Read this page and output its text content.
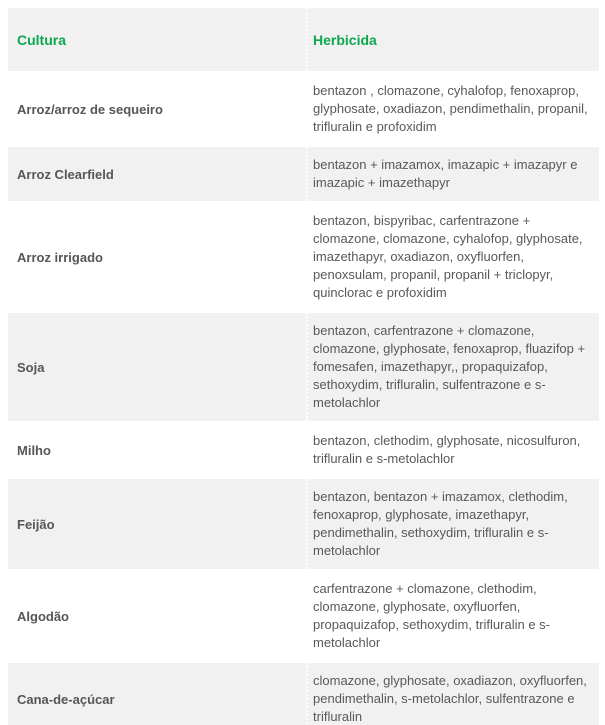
Cultura	Herbicida
Arroz/arroz de sequeiro
bentazon , clomazone, cyhalofop, fenoxaprop, glyphosate, oxadiazon, pendimethalin, propanil, trifluralin e profoxidim
Arroz Clearfield
bentazon + imazamox, imazapic + imazapyr e imazapic + imazethapyr
Arroz irrigado
bentazon, bispyribac, carfentrazone + clomazone, clomazone, cyhalofop, glyphosate, imazethapyr, oxadiazon, oxyfluorfen, penoxsulam, propanil, propanil + triclopyr, quinclorac e profoxidim
Soja
bentazon, carfentrazone + clomazone, clomazone, glyphosate, fenoxaprop, fluazifop + fomesafen, imazethapyr,, propaquizafop, sethoxydim, trifluralin, sulfentrazone e s-metolachlor
Milho
bentazon, clethodim, glyphosate, nicosulfuron, trifluralin e s-metolachlor
Feijão
bentazon, bentazon + imazamox, clethodim, fenoxaprop, glyphosate, imazethapyr, pendimethalin, sethoxydim, trifluralin e s-metolachlor
Algodão
carfentrazone + clomazone, clethodim, clomazone, glyphosate, oxyfluorfen, propaquizafop, sethoxydim, trifluralin e s-metolachlor
Cana-de-açúcar
clomazone, glyphosate, oxadiazon, oxyfluorfen, pendimethalin, s-metolachlor, sulfentrazone e trifluralin
